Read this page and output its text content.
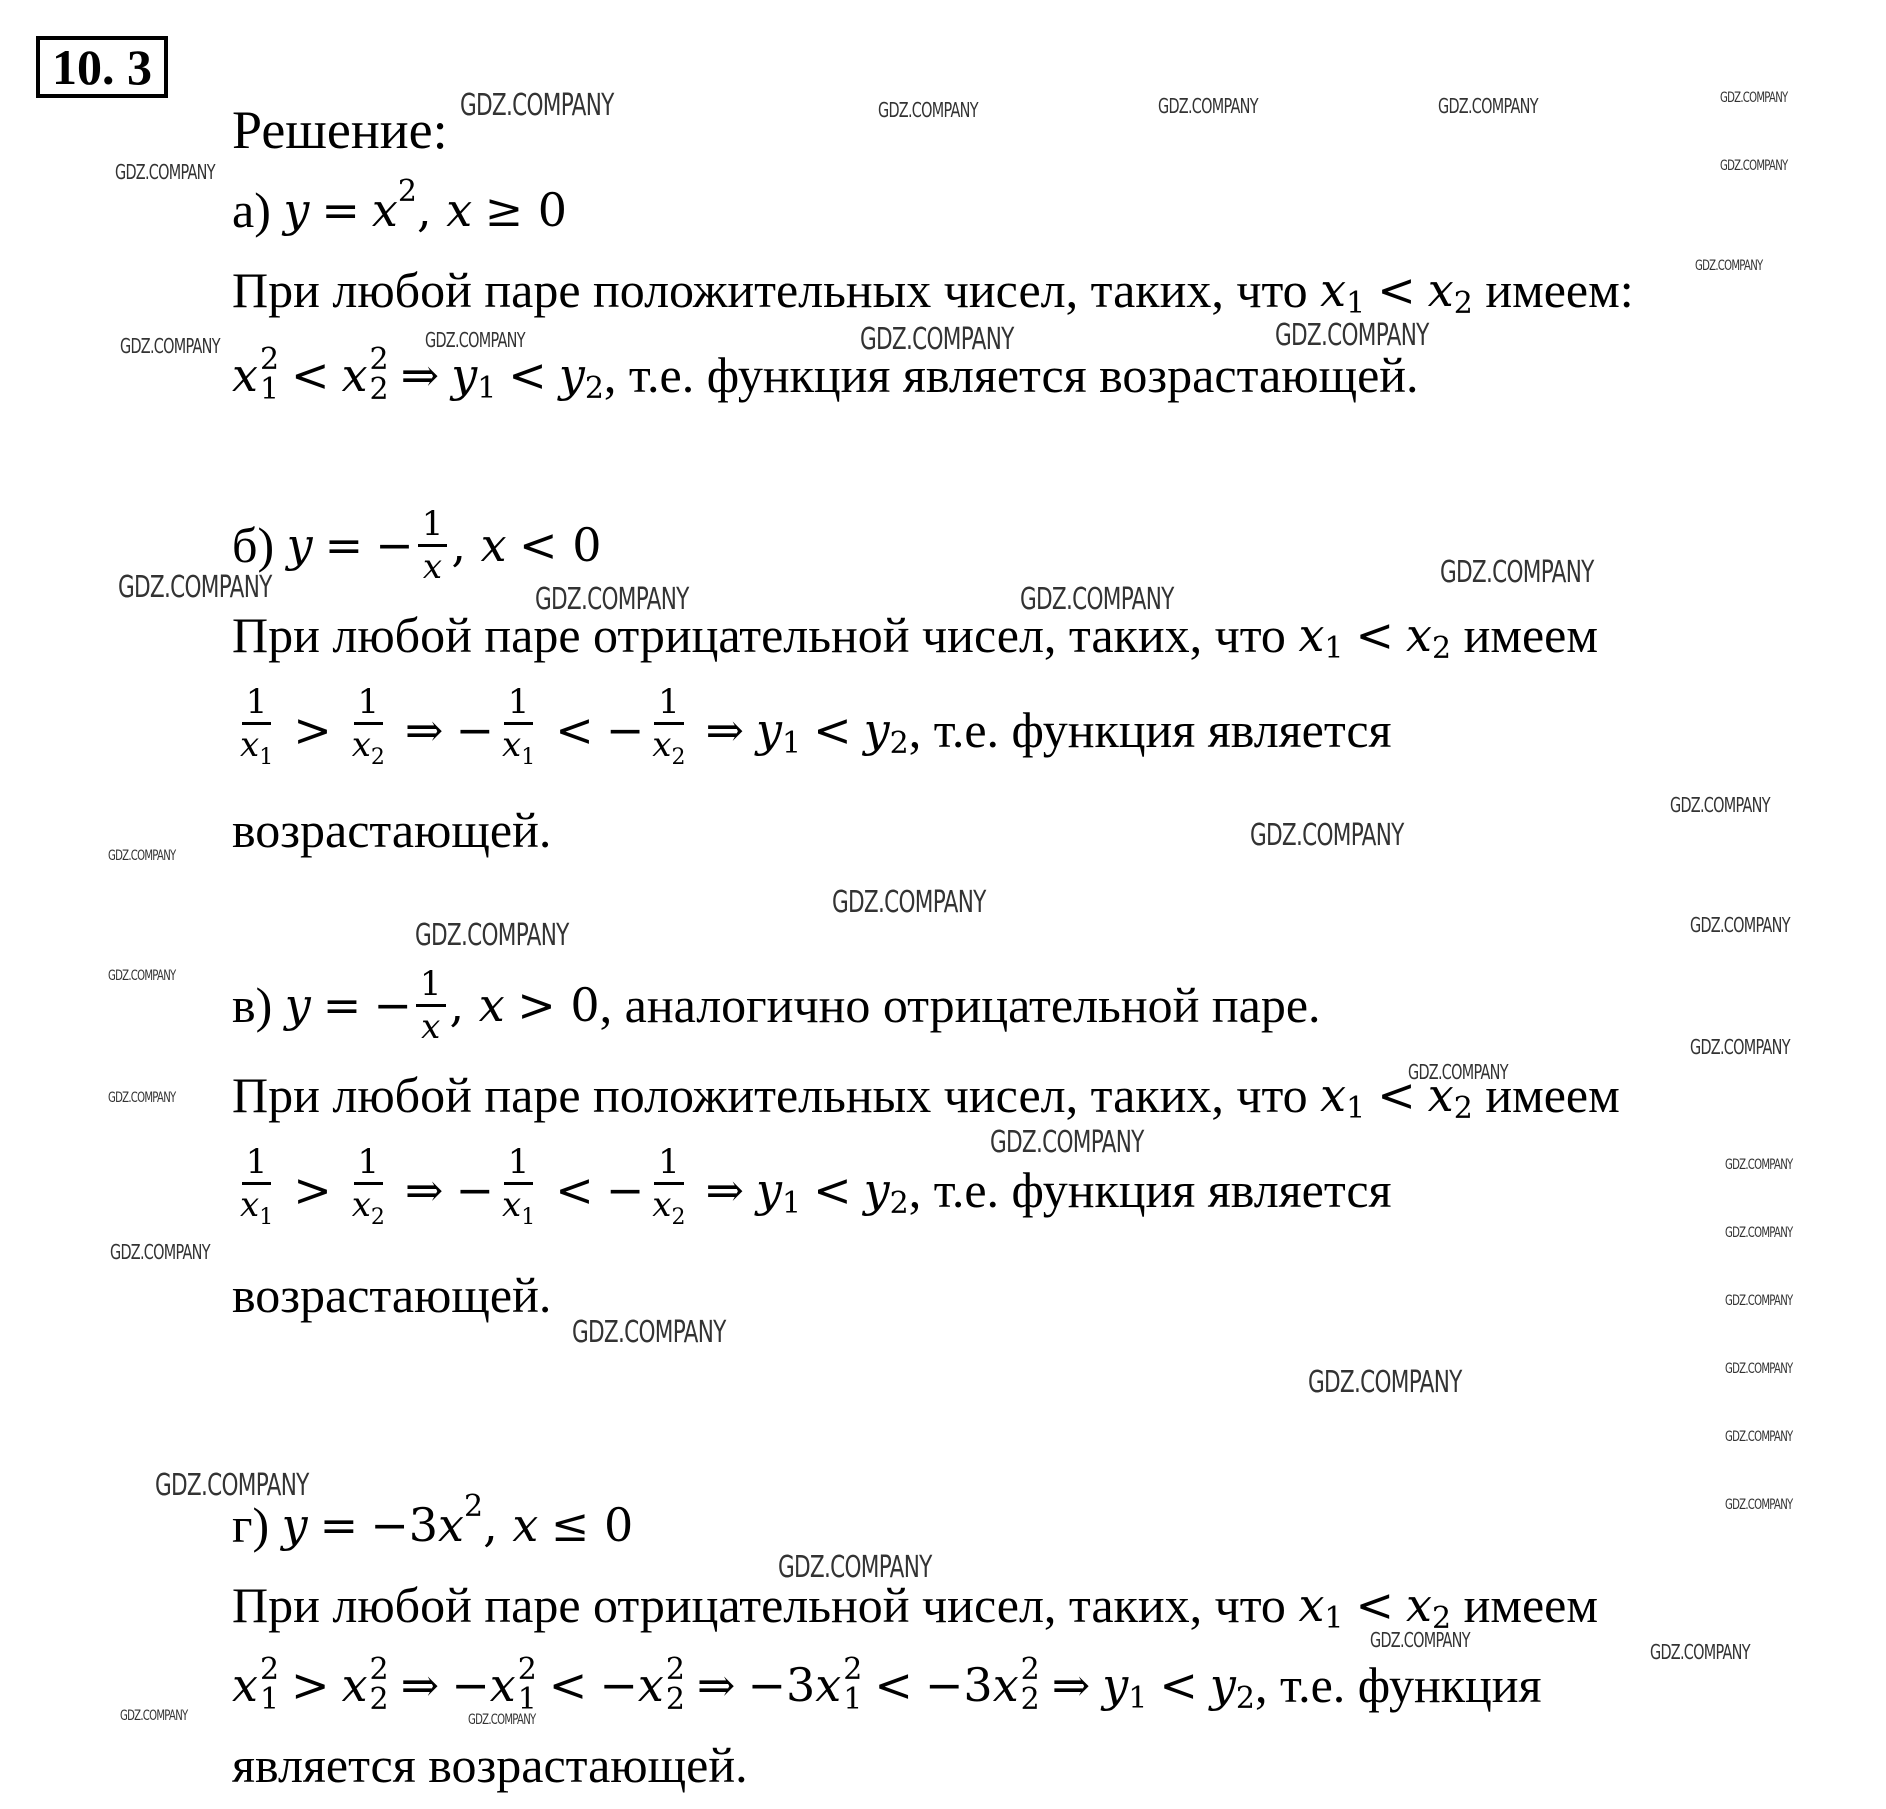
10. 3
Решение:
а)
y = x 2 , x
≥ 0
При любой паре положительных чисел, таких, что
x 1 < x 2
имеем:
x 2
1 < x 2
2 ⇒ y 1 < y 2 , т.е. функция является возрастающей.
б)
y = − $\frac{1}{x}$ , x
< 0
При любой паре отрицательной чисел, таких, что
x 1 < x 2
имеем
$\frac{1}{x_1} > \frac{1}{x_2}$ ⇒ − $\frac{1}{x_1}$ < − $\frac{1}{x_2}$ ⇒ y 1 < y 2 , т.е. функция является
возрастающей.
в)
y = − $\frac{1}{x}$ , x
> 0 , аналогично отрицательной паре.
При любой паре положительных чисел, таких, что
x 1 < x 2
имеем
$\frac{1}{x_1} > \frac{1}{x_2}$ ⇒ − $\frac{1}{x_1}$ < − $\frac{1}{x_2}$ ⇒ y 1 < y 2 , т.е. функция является
возрастающей.
г)
y = −3 x 2 , x
≤ 0
При любой паре отрицательной чисел, таких, что
x 1 < x 2
имеем
x 2
1 > x 2
2 ⇒ − x 2
1 < − x 2
2 ⇒ −3 x 2
1 < −3 x 2
2 ⇒ y 1 < y 2 , т.е. функция
является возрастающей.
GDZ.COMPANY	GDZ.COMPANY	GDZ.COMPANY	GDZ.COMPANY	GDZ.COMPANY
GDZ.COMPANY
GDZ.COMPANY
GDZ.COMPANY
GDZ.COMPANY	GDZ.COMPANY	GDZ.COMPANY	GDZ.COMPANY
GDZ.COMPANY
GDZ.COMPANY	GDZ.COMPANY	GDZ.COMPANY
GDZ.COMPANY
GDZ.COMPANY
GDZ.COMPANY
GDZ.COMPANY
GDZ.COMPANY	GDZ.COMPANY
GDZ.COMPANY
GDZ.COMPANY
GDZ.COMPANY
GDZ.COMPANY
GDZ.COMPANY
GDZ.COMPANY
GDZ.COMPANY
GDZ.COMPANY
GDZ.COMPANY
GDZ.COMPANY
GDZ.COMPANY	GDZ.COMPANY
GDZ.COMPANY
GDZ.COMPANY
GDZ.COMPANY
GDZ.COMPANY
GDZ.COMPANY	GDZ.COMPANY
GDZ.COMPANY	GDZ.COMPANY
